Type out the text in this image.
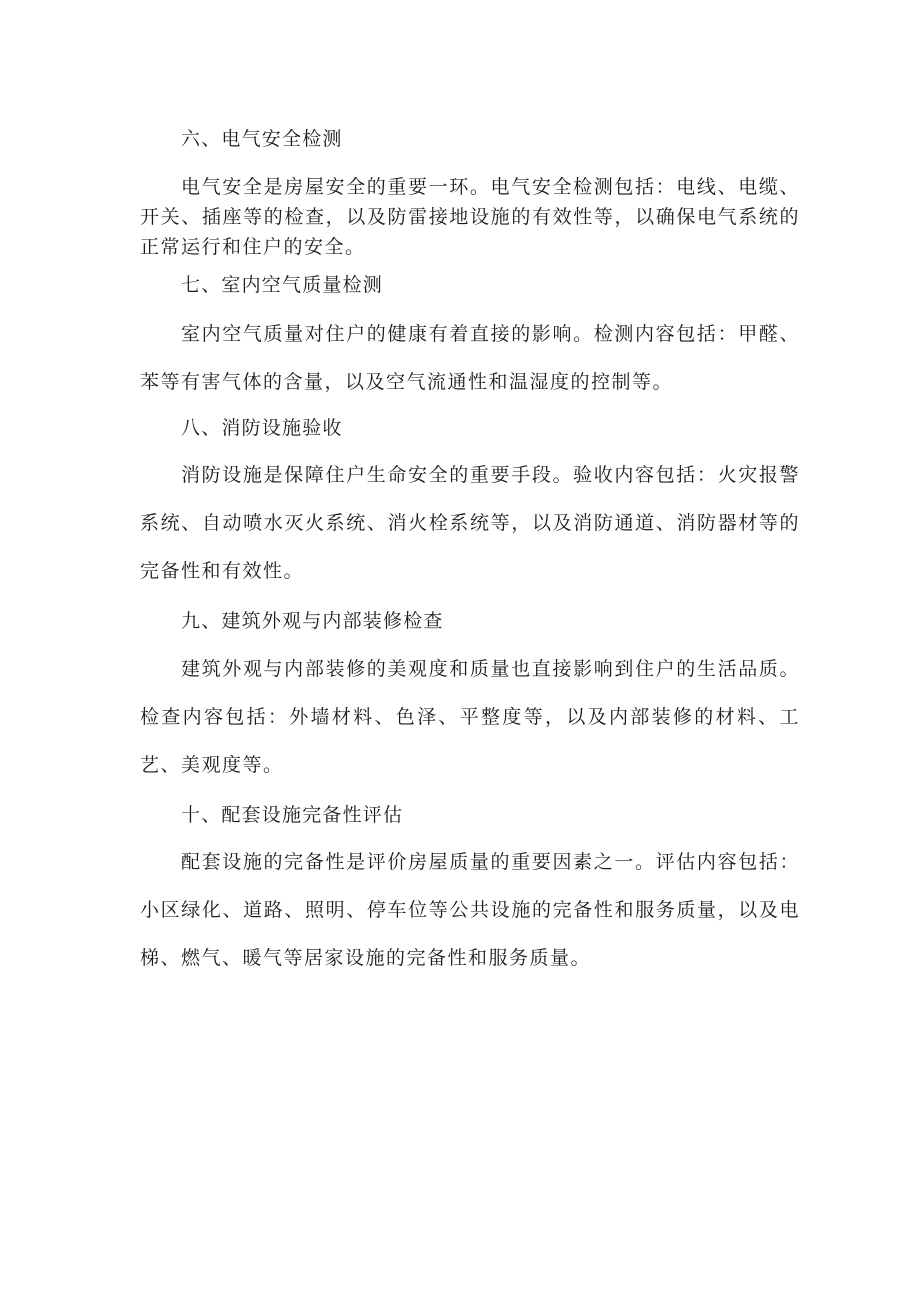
六、电气安全检测

电气安全是房屋安全的重要一环。电气安全检测包括：电线、电缆、开关、插座等的检查，以及防雷接地设施的有效性等，以确保电气系统的正常运行和住户的安全。

七、室内空气质量检测

室内空气质量对住户的健康有着直接的影响。检测内容包括：甲醛、苯等有害气体的含量，以及空气流通性和温湿度的控制等。

八、消防设施验收

消防设施是保障住户生命安全的重要手段。验收内容包括：火灾报警系统、自动喷水灭火系统、消火栓系统等，以及消防通道、消防器材等的完备性和有效性。

九、建筑外观与内部装修检查

建筑外观与内部装修的美观度和质量也直接影响到住户的生活品质。检查内容包括：外墙材料、色泽、平整度等，以及内部装修的材料、工艺、美观度等。

十、配套设施完备性评估

配套设施的完备性是评价房屋质量的重要因素之一。评估内容包括：小区绿化、道路、照明、停车位等公共设施的完备性和服务质量，以及电梯、燃气、暖气等居家设施的完备性和服务质量。
